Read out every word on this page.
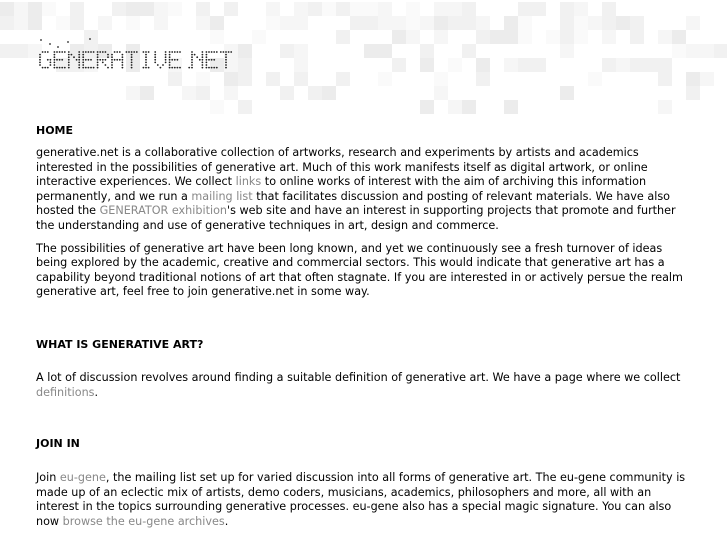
HOME

generative.net is a collaborative collection of artworks, research and experiments by artists and academics interested in the possibilities of generative art. Much of this work manifests itself as digital artwork, or online interactive experiences. We collect links to online works of interest with the aim of archiving this information permanently, and we run a mailing list that facilitates discussion and posting of relevant materials. We have also hosted the GENERATOR exhibition's web site and have an interest in supporting projects that promote and further the understanding and use of generative techniques in art, design and commerce.

The possibilities of generative art have been long known, and yet we continuously see a fresh turnover of ideas being explored by the academic, creative and commercial sectors. This would indicate that generative art has a capability beyond traditional notions of art that often stagnate. If you are interested in or actively persue the realm generative art, feel free to join generative.net in some way.

WHAT IS GENERATIVE ART?

A lot of discussion revolves around finding a suitable definition of generative art. We have a page where we collect definitions.

JOIN IN

Join eu-gene, the mailing list set up for varied discussion into all forms of generative art. The eu-gene community is made up of an eclectic mix of artists, demo coders, musicians, academics, philosophers and more, all with an interest in the topics surrounding generative processes. eu-gene also has a special magic signature. You can also now browse the eu-gene archives.
